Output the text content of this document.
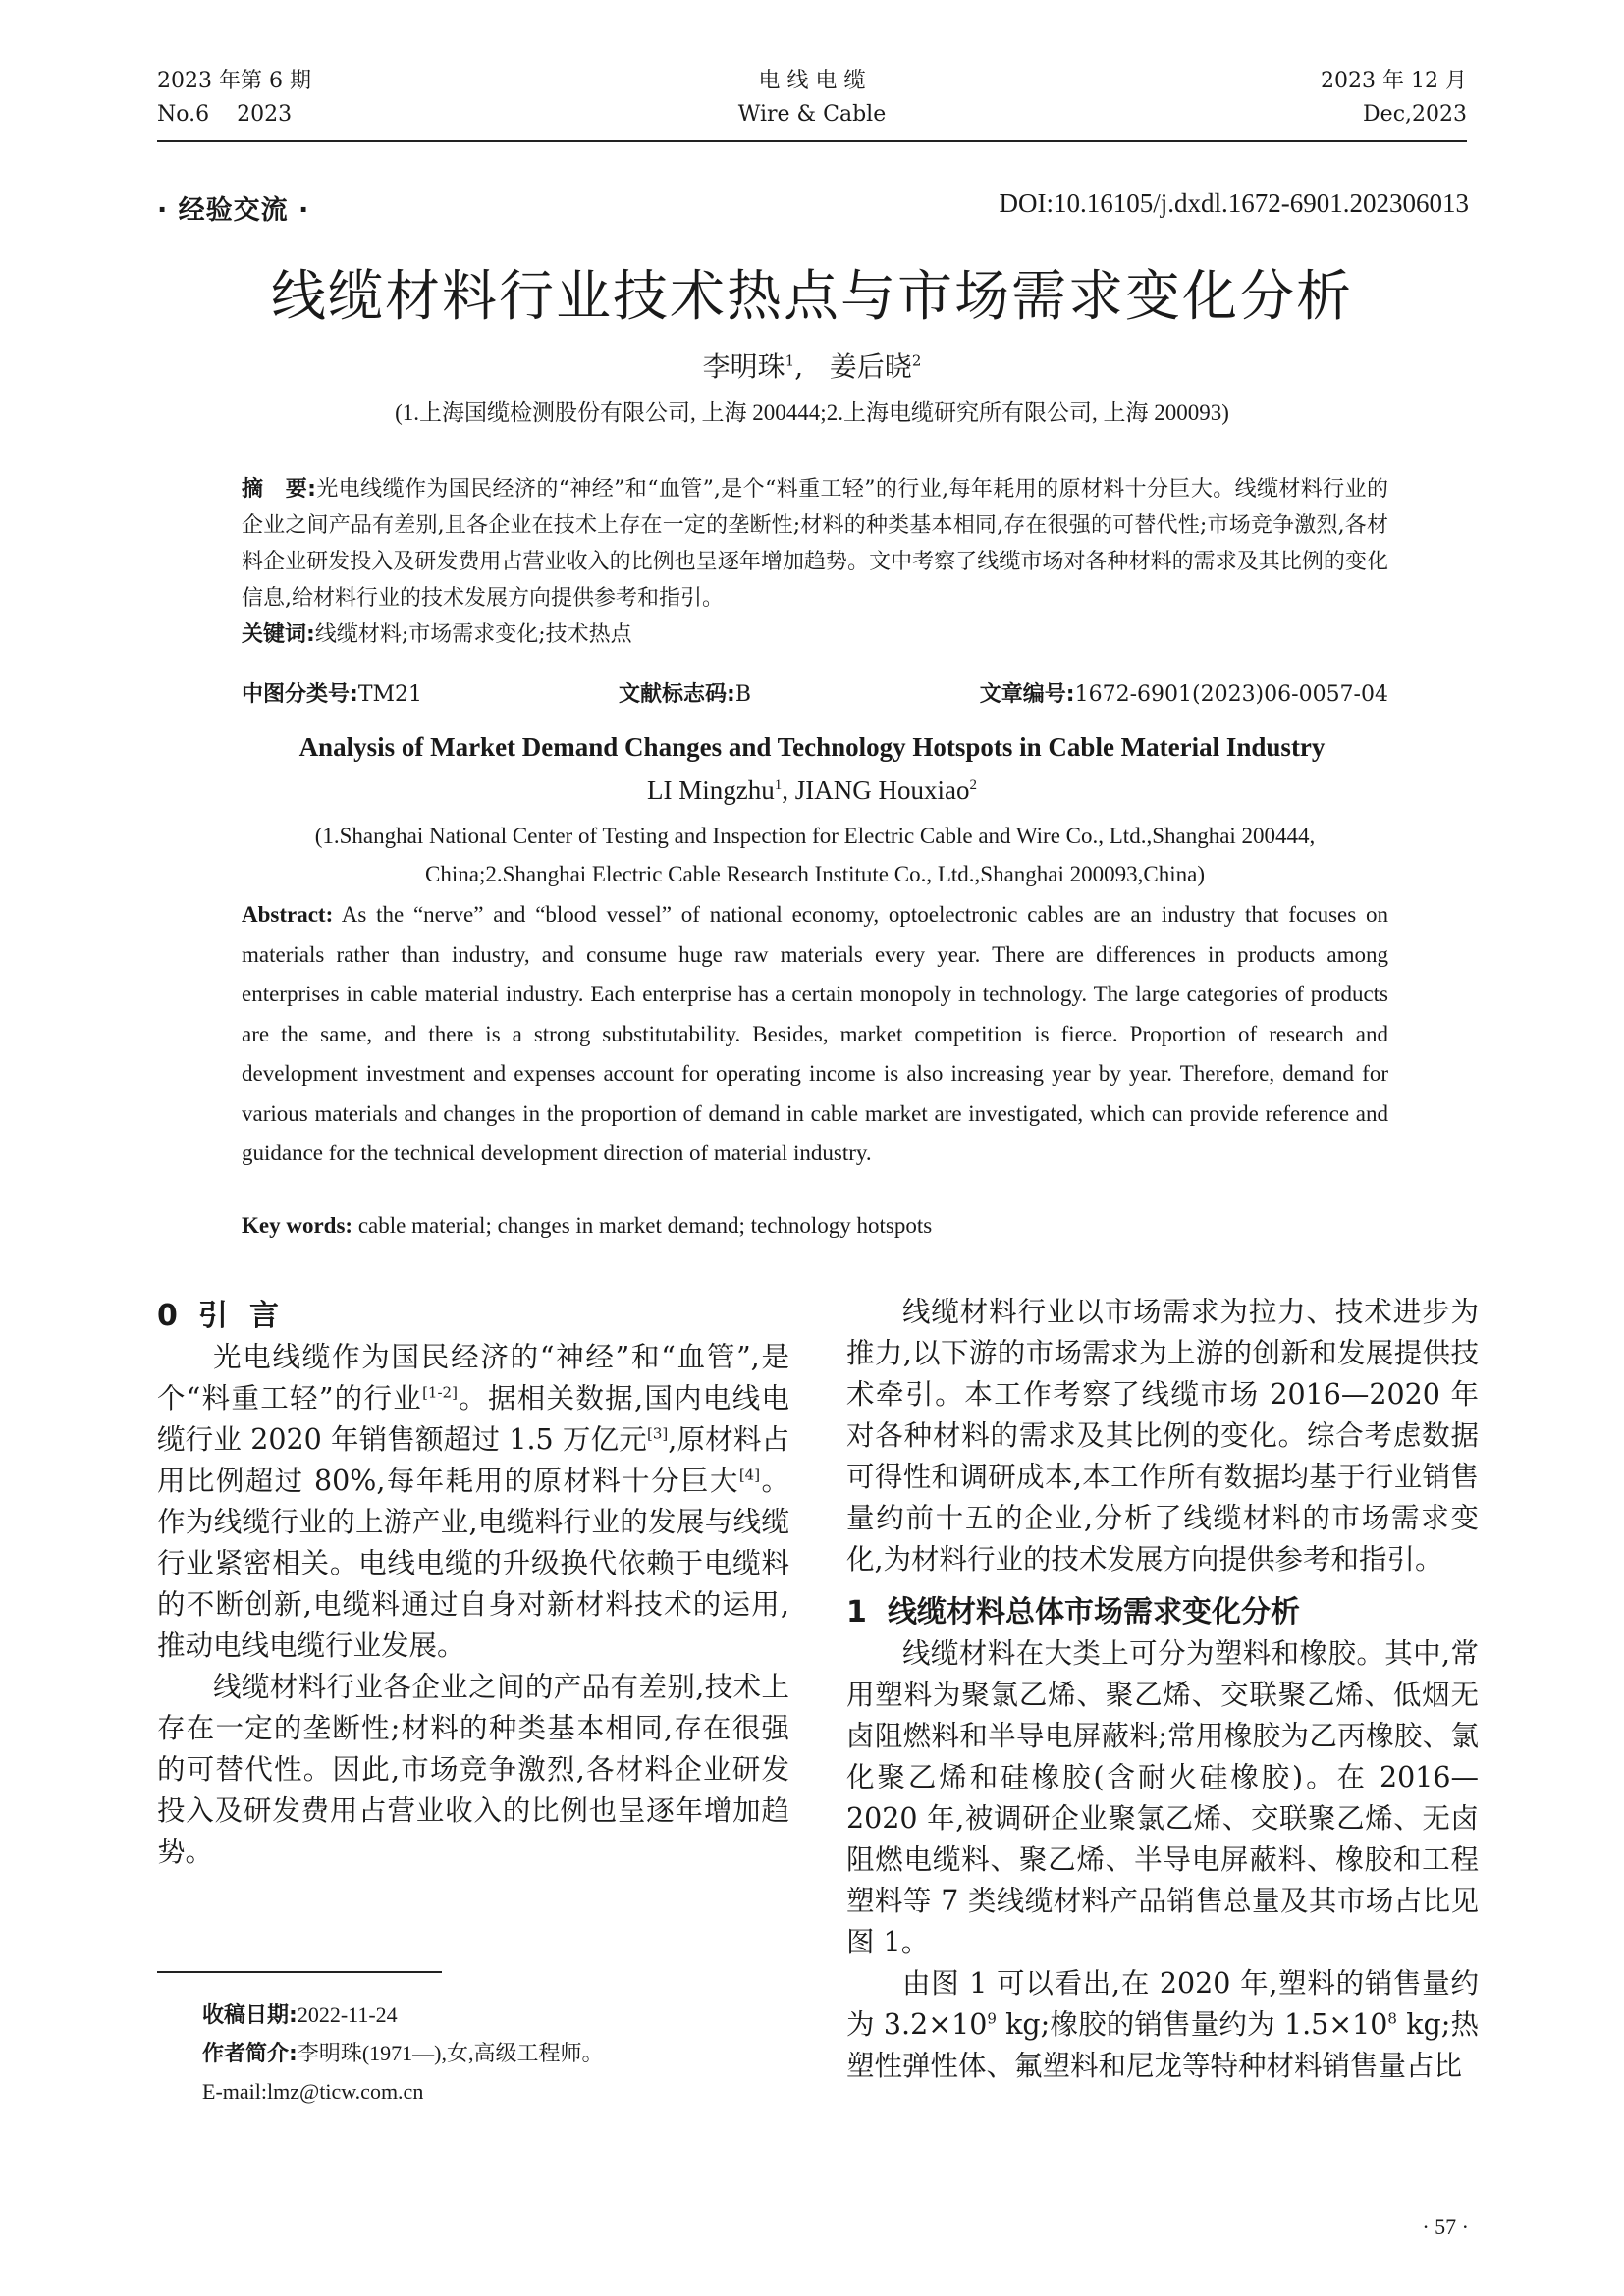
2023 年第 6 期
No.6    2023
电 线 电 缆
Wire & Cable
2023 年 12 月
Dec,2023
· 经验交流 ·	DOI:10.16105/j.dxdl.1672-6901.202306013
线缆材料行业技术热点与市场需求变化分析
李明珠$^1$,   姜后晓$^2$
(1.上海国缆检测股份有限公司, 上海 200444;2.上海电缆研究所有限公司, 上海 200093)
摘　要:光电线缆作为国民经济的“神经”和“血管”,是个“料重工轻”的行业,每年耗用的原材料十分巨大。线缆材料行业的企业之间产品有差别,且各企业在技术上存在一定的垄断性;材料的种类基本相同,存在很强的可替代性;市场竞争激烈,各材料企业研发投入及研发费用占营业收入的比例也呈逐年增加趋势。文中考察了线缆市场对各种材料的需求及其比例的变化信息,给材料行业的技术发展方向提供参考和指引。
关键词:线缆材料;市场需求变化;技术热点
中图分类号:TM21	文献标志码:B	文章编号:1672-6901(2023)06-0057-04
Analysis of Market Demand Changes and Technology Hotspots in Cable Material Industry
LI Mingzhu$^1$, JIANG Houxiao$^2$
(1.Shanghai National Center of Testing and Inspection for Electric Cable and Wire Co., Ltd.,Shanghai 200444,
China;2.Shanghai Electric Cable Research Institute Co., Ltd.,Shanghai 200093,China)
Abstract: As the “nerve” and “blood vessel” of national economy, optoelectronic cables are an industry that focuses on materials rather than industry, and consume huge raw materials every year. There are differences in products among enterprises in cable material industry. Each enterprise has a certain monopoly in technology. The large categories of products are the same, and there is a strong substitutability. Besides, market competition is fierce. Proportion of research and development investment and expenses account for operating income is also increasing year by year. Therefore, demand for various materials and changes in the proportion of demand in cable market are investigated, which can provide reference and guidance for the technical development direction of material industry.
Key words: cable material; changes in market demand; technology hotspots

0 引言

光电线缆作为国民经济的“神经”和“血管”,是个“料重工轻”的行业[1-2]。据相关数据,国内电线电缆行业 2020 年销售额超过 1.5 万亿元[3],原材料占用比例超过 80%,每年耗用的原材料十分巨大[4]。作为线缆行业的上游产业,电缆料行业的发展与线缆行业紧密相关。电线电缆的升级换代依赖于电缆料的不断创新,电缆料通过自身对新材料技术的运用,推动电线电缆行业发展。

线缆材料行业各企业之间的产品有差别,技术上存在一定的垄断性;材料的种类基本相同,存在很强的可替代性。因此,市场竞争激烈,各材料企业研发投入及研发费用占营业收入的比例也呈逐年增加趋势。

线缆材料行业以市场需求为拉力、技术进步为推力,以下游的市场需求为上游的创新和发展提供技术牵引。本工作考察了线缆市场 2016—2020 年对各种材料的需求及其比例的变化。综合考虑数据可得性和调研成本,本工作所有数据均基于行业销售量约前十五的企业,分析了线缆材料的市场需求变化,为材料行业的技术发展方向提供参考和指引。

1 线缆材料总体市场需求变化分析

线缆材料在大类上可分为塑料和橡胶。其中,常用塑料为聚氯乙烯、聚乙烯、交联聚乙烯、低烟无卤阻燃料和半导电屏蔽料;常用橡胶为乙丙橡胶、氯化聚乙烯和硅橡胶(含耐火硅橡胶)。在 2016—2020 年,被调研企业聚氯乙烯、交联聚乙烯、无卤阻燃电缆料、聚乙烯、半导电屏蔽料、橡胶和工程塑料等 7 类线缆材料产品销售总量及其市场占比见图 1。

由图 1 可以看出,在 2020 年,塑料的销售量约为 3.2×10$^9$ kg;橡胶的销售量约为 1.5×10$^8$ kg;热塑性弹性体、氟塑料和尼龙等特种材料销售量占比

收稿日期:2022-11-24
作者简介:李明珠(1971—),女,高级工程师。
E-mail:lmz@ticw.com.cn
· 57 ·
